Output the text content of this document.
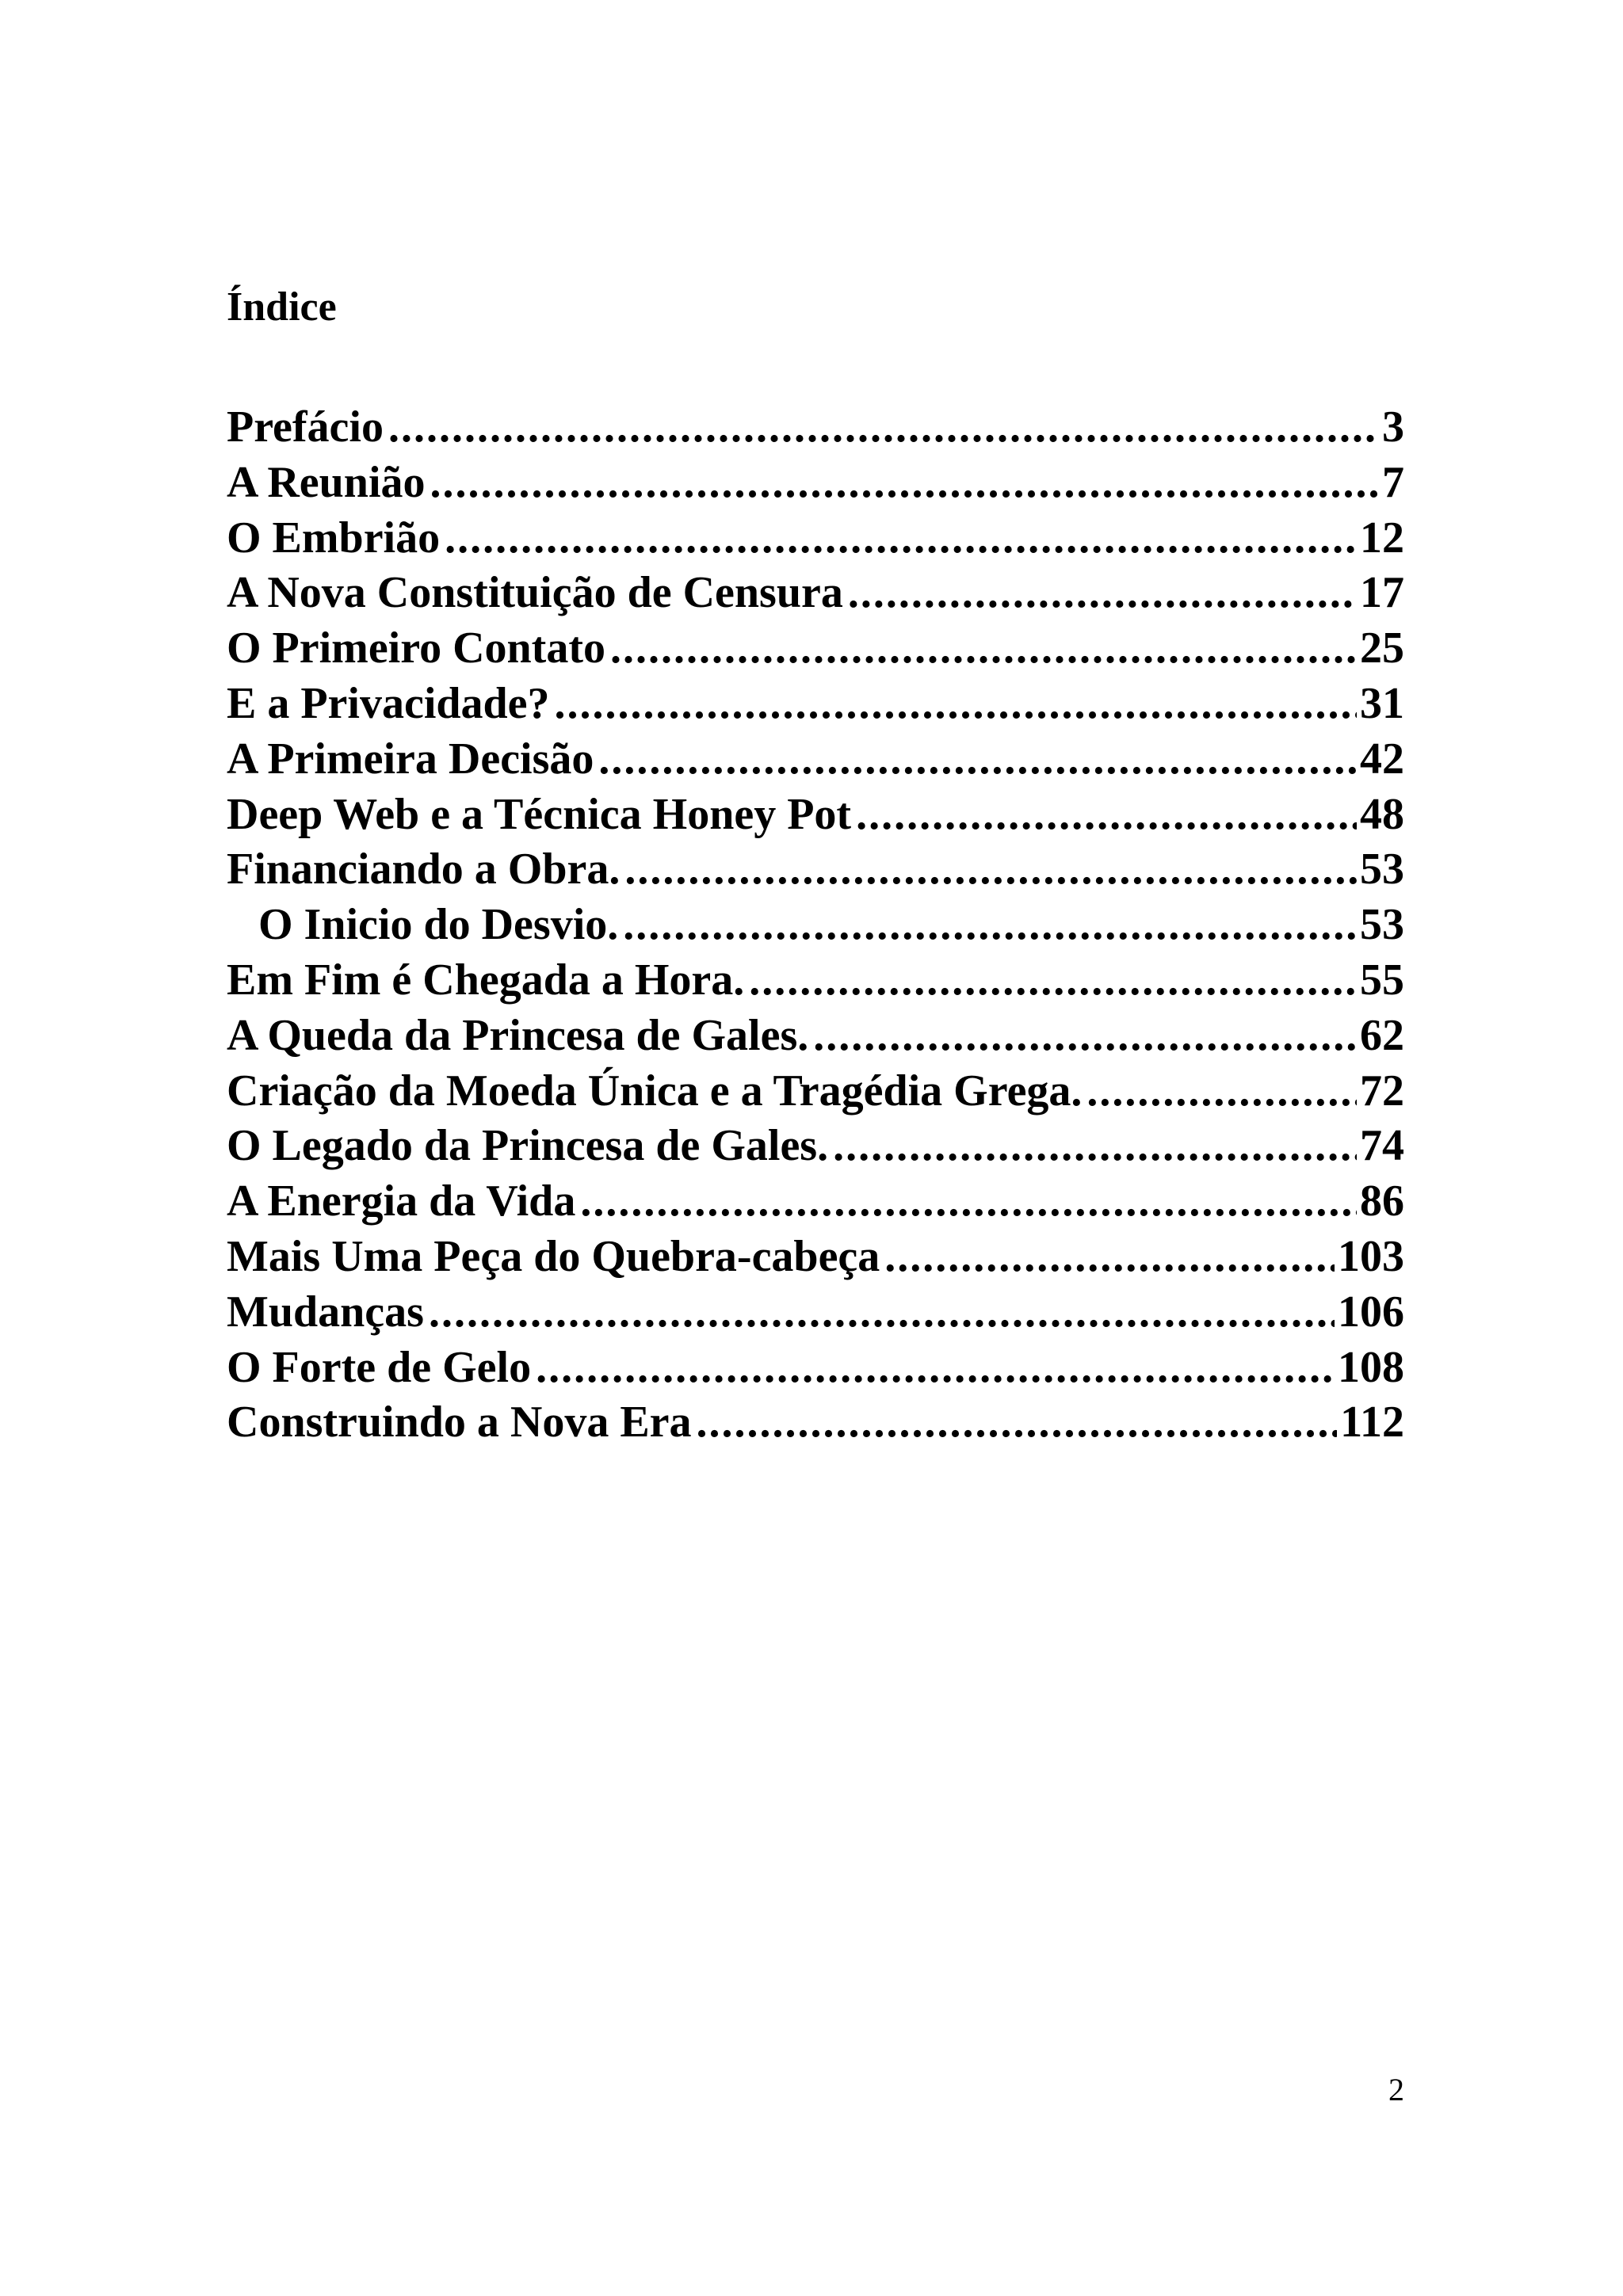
Índice
Prefácio .....	3
A Reunião .....	7
O Embrião .....	12
A Nova Constituição de Censura .....	17
O Primeiro Contato .....	25
E a Privacidade? .....	31
A Primeira Decisão .....	42
Deep Web e a Técnica Honey Pot .....	48
Financiando a Obra. .....	53
O Inicio do Desvio. .....	53
Em Fim é Chegada a Hora. .....	55
A Queda da Princesa de Gales. .....	62
Criação da Moeda Única e a Tragédia Grega. .....	72
O Legado da Princesa de Gales. .....	74
A Energia da Vida .....	86
Mais Uma Peça do Quebra-cabeça .....	103
Mudanças .....	106
O Forte de Gelo .....	108
Construindo a Nova Era .....	112
2
